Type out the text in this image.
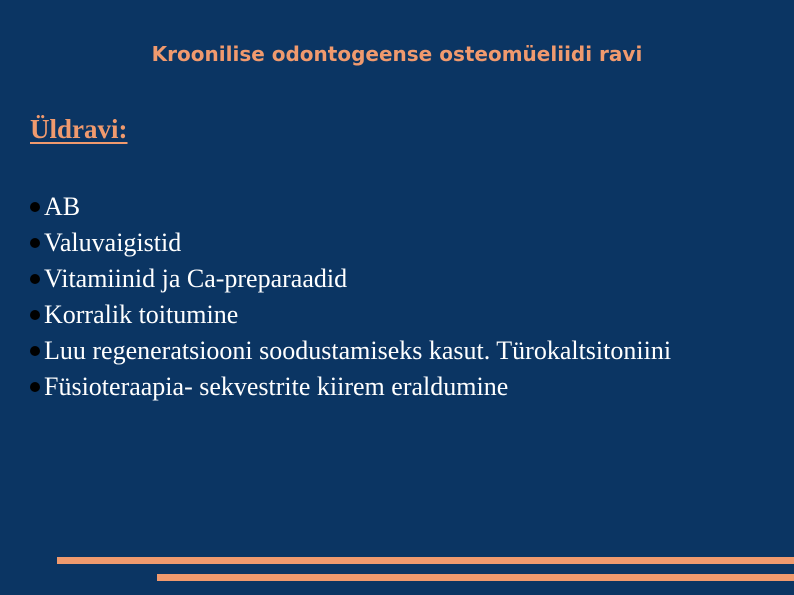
Kroonilise odontogeense osteomüeliidi ravi
Üldravi:
AB
Valuvaigistid
Vitamiinid ja Ca-preparaadid
Korralik toitumine
Luu regeneratsiooni soodustamiseks kasut. Türokaltsitoniini
Füsioteraapia- sekvestrite kiirem eraldumine
